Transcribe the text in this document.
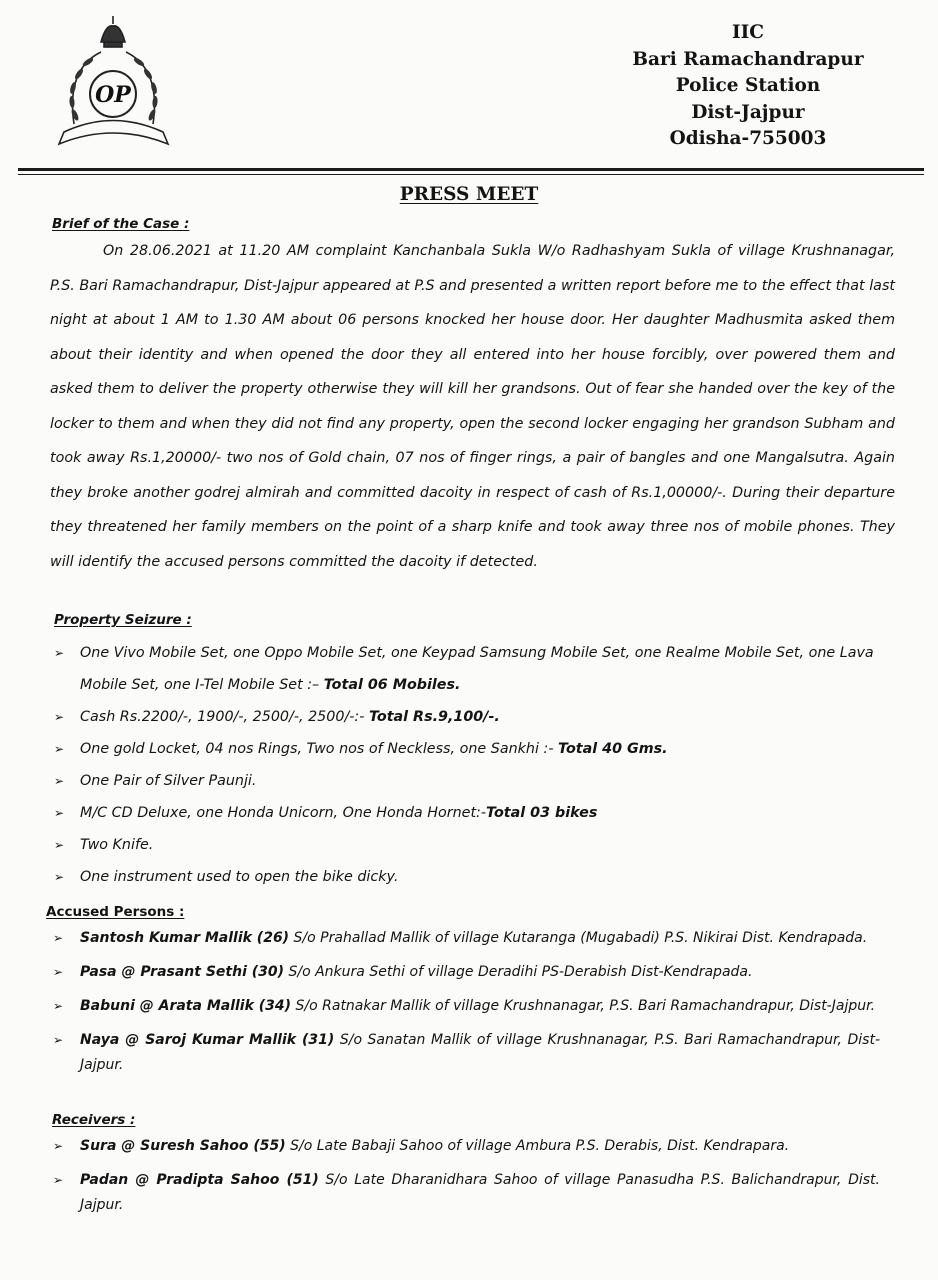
OP
IIC
Bari Ramachandrapur
Police Station
Dist-Jajpur
Odisha-755003
PRESS MEET
Brief of the Case :
On 28.06.2021 at 11.20 AM complaint Kanchanbala Sukla W/o Radhashyam Sukla of village Krushnanagar, P.S. Bari Ramachandrapur, Dist-Jajpur appeared at P.S and presented a written report before me to the effect that last night at about 1 AM to 1.30 AM about 06 persons knocked her house door. Her daughter Madhusmita asked them about their identity and when opened the door they all entered into her house forcibly, over powered them and asked them to deliver the property otherwise they will kill her grandsons. Out of fear she handed over the key of the locker to them and when they did not find any property, open the second locker engaging her grandson Subham and took away Rs.1,20000/- two nos of Gold chain, 07 nos of finger rings, a pair of bangles and one Mangalsutra. Again they broke another godrej almirah and committed dacoity in respect of cash of Rs.1,00000/-. During their departure they threatened her family members on the point of a sharp knife and took away three nos of mobile phones. They will identify the accused persons committed the dacoity if detected.
Property Seizure :
➢ One Vivo Mobile Set, one Oppo Mobile Set, one Keypad Samsung Mobile Set, one Realme Mobile Set, one Lava Mobile Set, one I-Tel Mobile Set :– Total 06 Mobiles.
➢ Cash Rs.2200/-, 1900/-, 2500/-, 2500/-:- Total Rs.9,100/-.
➢ One gold Locket, 04 nos Rings, Two nos of Neckless, one Sankhi :- Total 40 Gms.
➢ One Pair of Silver Paunji.
➢ M/C CD Deluxe, one Honda Unicorn, One Honda Hornet:-Total 03 bikes
➢ Two Knife.
➢ One instrument used to open the bike dicky.
Accused Persons :
➢ Santosh Kumar Mallik (26) S/o Prahallad Mallik of village Kutaranga (Mugabadi) P.S. Nikirai Dist. Kendrapada.
➢ Pasa @ Prasant Sethi (30) S/o Ankura Sethi of village Deradihi PS-Derabish Dist-Kendrapada.
➢ Babuni @ Arata Mallik (34) S/o Ratnakar Mallik of village Krushnanagar, P.S. Bari Ramachandrapur, Dist-Jajpur.
➢ Naya @ Saroj Kumar Mallik (31) S/o Sanatan Mallik of village Krushnanagar, P.S. Bari Ramachandrapur, Dist- Jajpur.
Receivers :
➢ Sura @ Suresh Sahoo (55) S/o Late Babaji Sahoo of village Ambura P.S. Derabis, Dist. Kendrapara.
➢ Padan @ Pradipta Sahoo (51) S/o Late Dharanidhara Sahoo of village Panasudha P.S. Balichandrapur, Dist. Jajpur.
